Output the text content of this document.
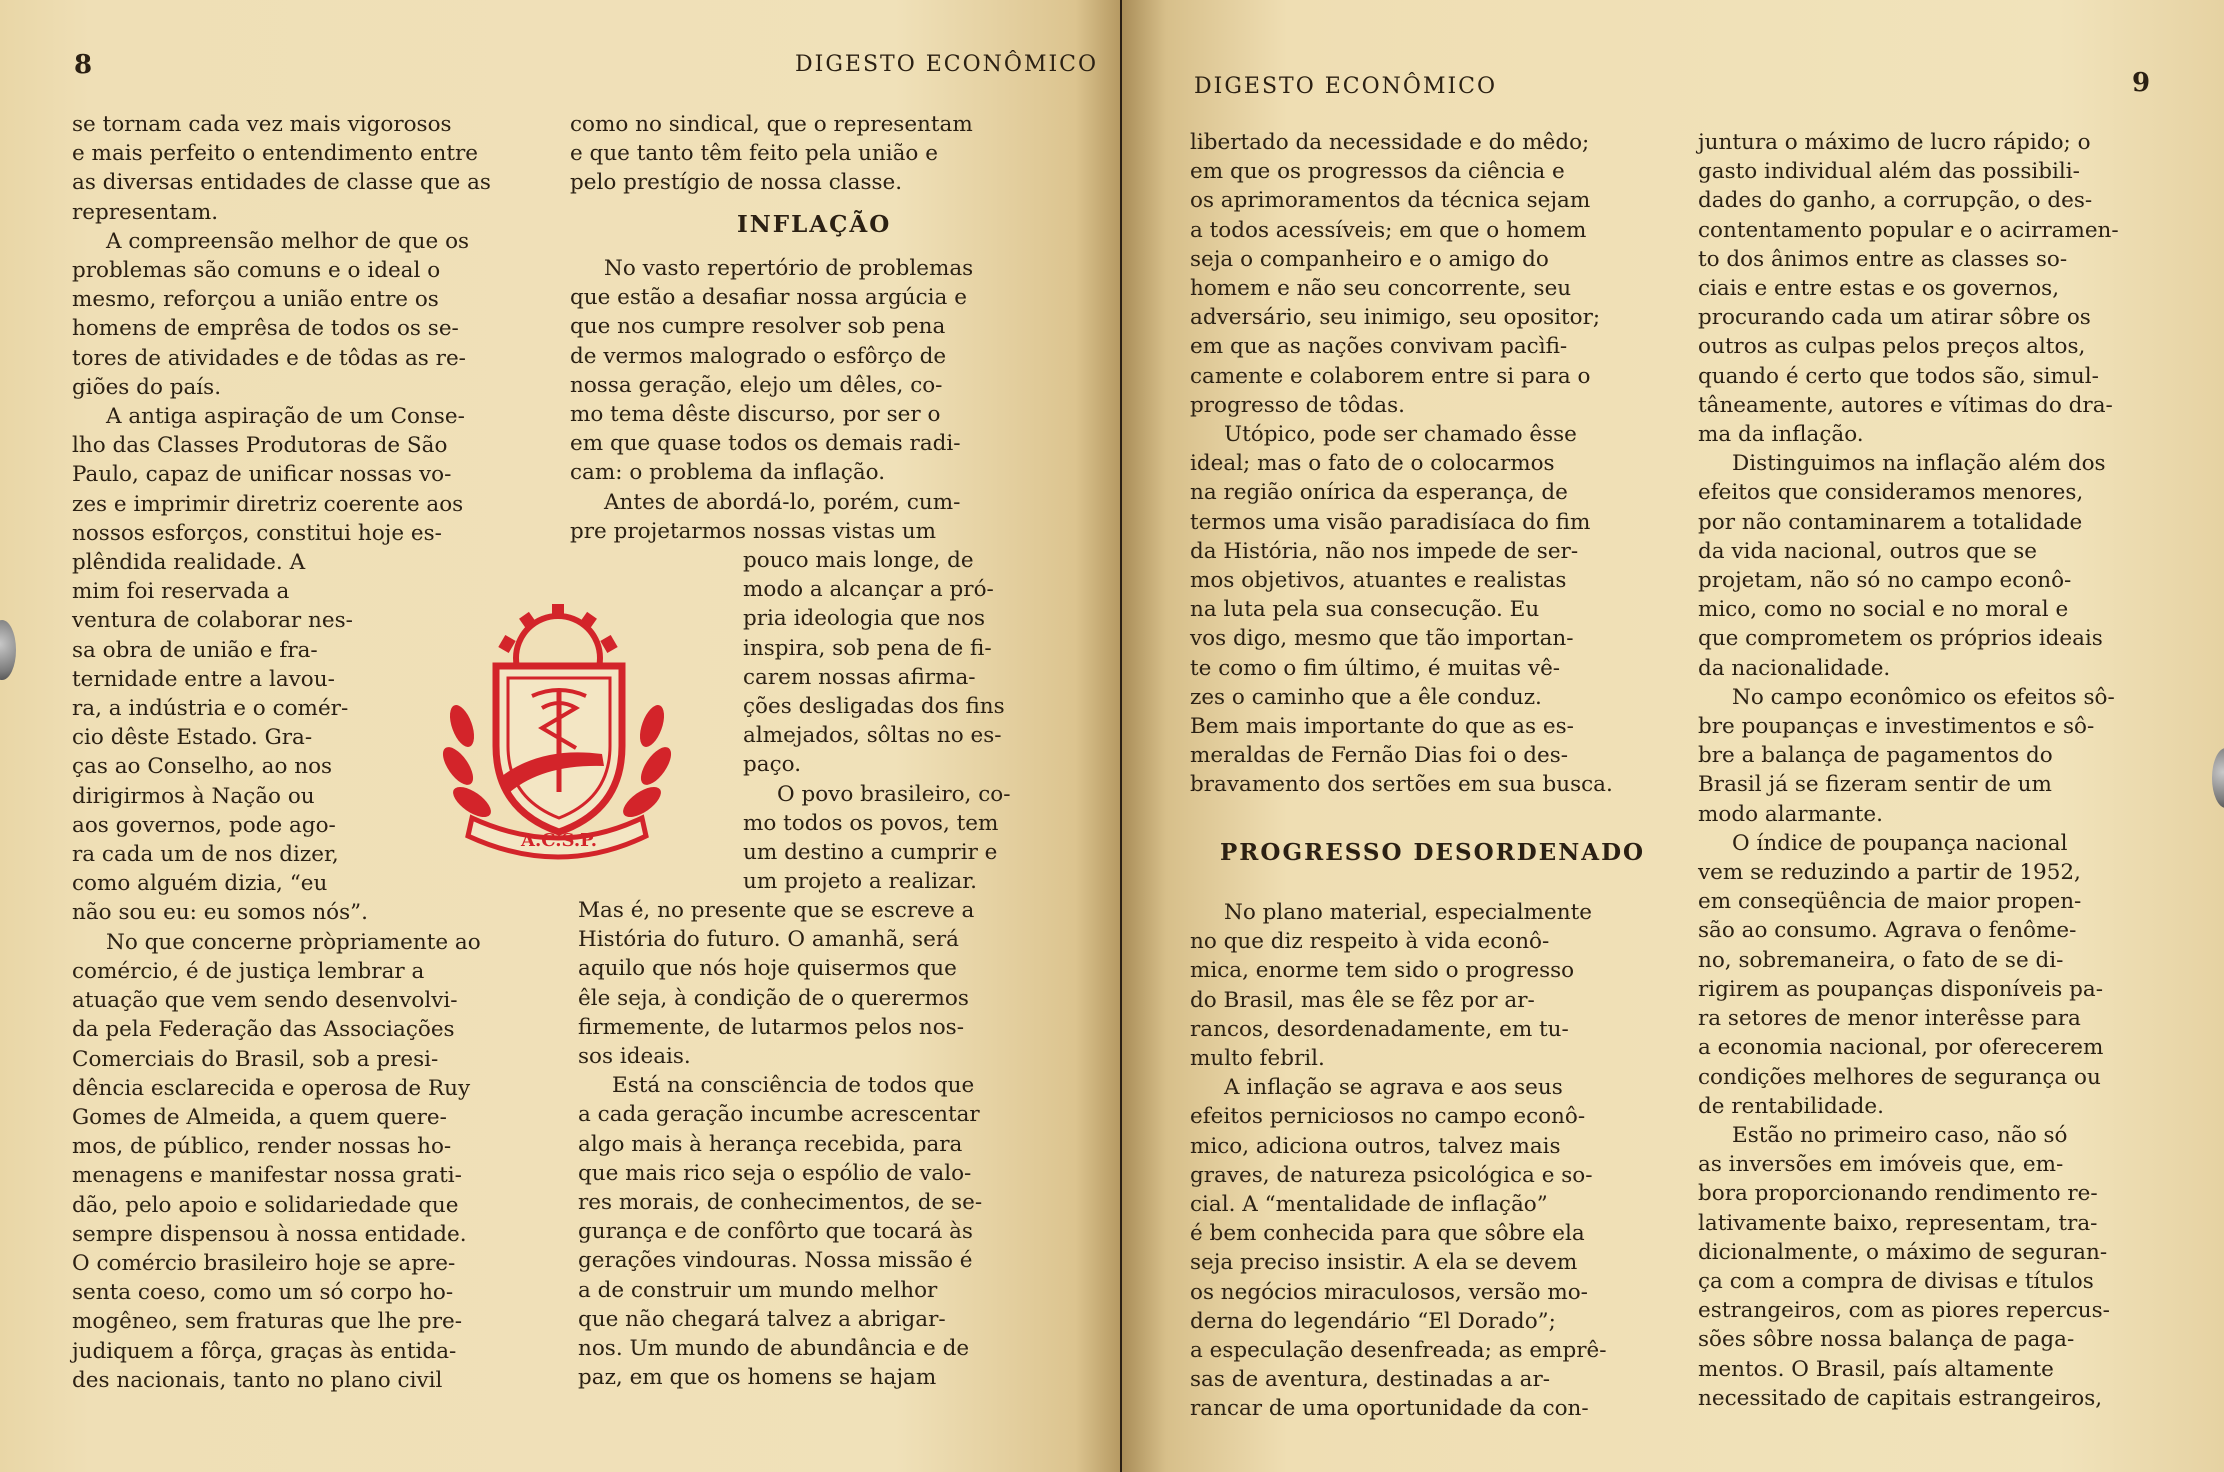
8	DIGESTO ECONÔMICO
se tornam cada vez mais vigorosos
e mais perfeito o entendimento entre
as diversas entidades de classe que as
representam.
A compreensão melhor de que os
problemas são comuns e o ideal o
mesmo, reforçou a união entre os
homens de emprêsa de todos os se-
tores de atividades e de tôdas as re-
giões do país.
A antiga aspiração de um Conse-
lho das Classes Produtoras de São
Paulo, capaz de unificar nossas vo-
zes e imprimir diretriz coerente aos
nossos esforços, constitui hoje es-
plêndida realidade. A
mim foi reservada a
ventura de colaborar nes-
sa obra de união e fra-
ternidade entre a lavou-
ra, a indústria e o comér-
cio dêste Estado. Gra-
ças ao Conselho, ao nos
dirigirmos à Nação ou
aos governos, pode ago-
ra cada um de nos dizer,
como alguém dizia, “eu
não sou eu: eu somos nós”.
No que concerne pròpriamente ao
comércio, é de justiça lembrar a
atuação que vem sendo desenvolvi-
da pela Federação das Associações
Comerciais do Brasil, sob a presi-
dência esclarecida e operosa de Ruy
Gomes de Almeida, a quem quere-
mos, de público, render nossas ho-
menagens e manifestar nossa grati-
dão, pelo apoio e solidariedade que
sempre dispensou à nossa entidade.
O comércio brasileiro hoje se apre-
senta coeso, como um só corpo ho-
mogêneo, sem fraturas que lhe pre-
judiquem a fôrça, graças às entida-
des nacionais, tanto no plano civil
como no sindical, que o representam
e que tanto têm feito pela união e
pelo prestígio de nossa classe.
INFLAÇÃO
No vasto repertório de problemas
que estão a desafiar nossa argúcia e
que nos cumpre resolver sob pena
de vermos malogrado o esfôrço de
nossa geração, elejo um dêles, co-
mo tema dêste discurso, por ser o
em que quase todos os demais radi-
cam: o problema da inflação.
Antes de abordá-lo, porém, cum-
pre projetarmos nossas vistas um
pouco mais longe, de
modo a alcançar a pró-
pria ideologia que nos
inspira, sob pena de fi-
carem nossas afirma-
ções desligadas dos fins
almejados, sôltas no es-
paço.
O povo brasileiro, co-
mo todos os povos, tem
um destino a cumprir e
um projeto a realizar.
Mas é, no presente que se escreve a
História do futuro. O amanhã, será
aquilo que nós hoje quisermos que
êle seja, à condição de o querermos
firmemente, de lutarmos pelos nos-
sos ideais.
Está na consciência de todos que
a cada geração incumbe acrescentar
algo mais à herança recebida, para
que mais rico seja o espólio de valo-
res morais, de conhecimentos, de se-
gurança e de confôrto que tocará às
gerações vindouras. Nossa missão é
a de construir um mundo melhor
que não chegará talvez a abrigar-
nos. Um mundo de abundância e de
paz, em que os homens se hajam
A.C.S.P.
DIGESTO ECONÔMICO	9
libertado da necessidade e do mêdo;
em que os progressos da ciência e
os aprimoramentos da técnica sejam
a todos acessíveis; em que o homem
seja o companheiro e o amigo do
homem e não seu concorrente, seu
adversário, seu inimigo, seu opositor;
em que as nações convivam pacìfi-
camente e colaborem entre si para o
progresso de tôdas.
Utópico, pode ser chamado êsse
ideal; mas o fato de o colocarmos
na região onírica da esperança, de
termos uma visão paradisíaca do fim
da História, não nos impede de ser-
mos objetivos, atuantes e realistas
na luta pela sua consecução. Eu
vos digo, mesmo que tão importan-
te como o fim último, é muitas vê-
zes o caminho que a êle conduz.
Bem mais importante do que as es-
meraldas de Fernão Dias foi o des-
bravamento dos sertões em sua busca.
PROGRESSO DESORDENADO
No plano material, especialmente
no que diz respeito à vida econô-
mica, enorme tem sido o progresso
do Brasil, mas êle se fêz por ar-
rancos, desordenadamente, em tu-
multo febril.
A inflação se agrava e aos seus
efeitos perniciosos no campo econô-
mico, adiciona outros, talvez mais
graves, de natureza psicológica e so-
cial. A “mentalidade de inflação”
é bem conhecida para que sôbre ela
seja preciso insistir. A ela se devem
os negócios miraculosos, versão mo-
derna do legendário “El Dorado”;
a especulação desenfreada; as emprê-
sas de aventura, destinadas a ar-
rancar de uma oportunidade da con-
juntura o máximo de lucro rápido; o
gasto individual além das possibili-
dades do ganho, a corrupção, o des-
contentamento popular e o acirramen-
to dos ânimos entre as classes so-
ciais e entre estas e os governos,
procurando cada um atirar sôbre os
outros as culpas pelos preços altos,
quando é certo que todos são, simul-
tâneamente, autores e vítimas do dra-
ma da inflação.
Distinguimos na inflação além dos
efeitos que consideramos menores,
por não contaminarem a totalidade
da vida nacional, outros que se
projetam, não só no campo econô-
mico, como no social e no moral e
que comprometem os próprios ideais
da nacionalidade.
No campo econômico os efeitos sô-
bre poupanças e investimentos e sô-
bre a balança de pagamentos do
Brasil já se fizeram sentir de um
modo alarmante.
O índice de poupança nacional
vem se reduzindo a partir de 1952,
em conseqüência de maior propen-
são ao consumo. Agrava o fenôme-
no, sobremaneira, o fato de se di-
rigirem as poupanças disponíveis pa-
ra setores de menor interêsse para
a economia nacional, por oferecerem
condições melhores de segurança ou
de rentabilidade.
Estão no primeiro caso, não só
as inversões em imóveis que, em-
bora proporcionando rendimento re-
lativamente baixo, representam, tra-
dicionalmente, o máximo de seguran-
ça com a compra de divisas e títulos
estrangeiros, com as piores repercus-
sões sôbre nossa balança de paga-
mentos. O Brasil, país altamente
necessitado de capitais estrangeiros,
